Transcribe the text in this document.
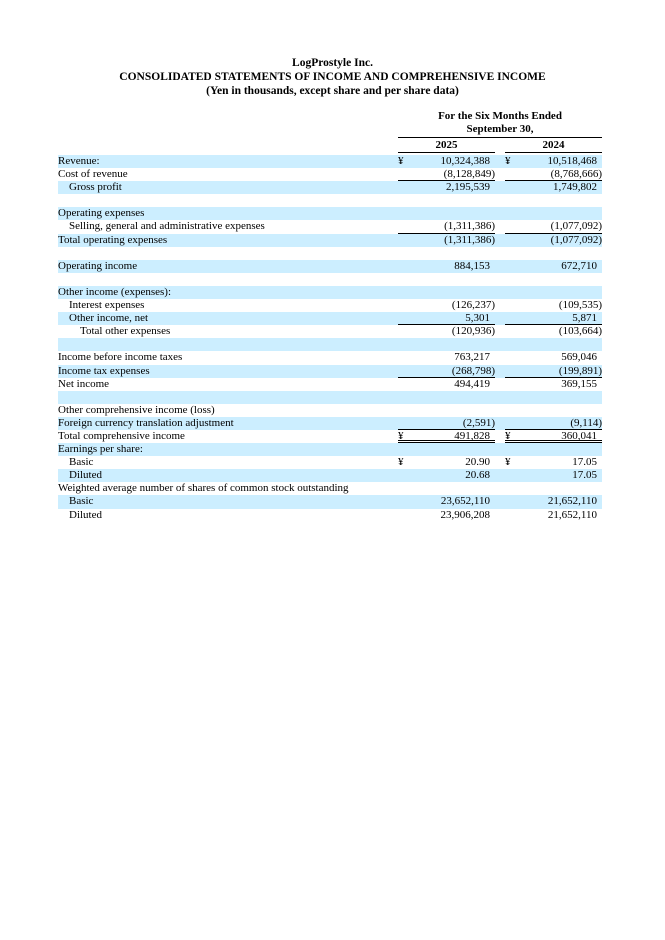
LogProstyle Inc.
CONSOLIDATED STATEMENTS OF INCOME AND COMPREHENSIVE INCOME
(Yen in thousands, except share and per share data)
For the Six Months Ended
September 30,
2025	2024
Revenue:	¥	10,324,388	¥	10,518,468
Cost of revenue	(8,128,849)	(8,768,666)
Gross profit	2,195,539	1,749,802
Operating expenses
Selling, general and administrative expenses	(1,311,386)	(1,077,092)
Total operating expenses	(1,311,386)	(1,077,092)
Operating income	884,153	672,710
Other income (expenses):
Interest expenses	(126,237)	(109,535)
Other income, net	5,301	5,871
Total other expenses	(120,936)	(103,664)
Income before income taxes	763,217	569,046
Income tax expenses	(268,798)	(199,891)
Net income	494,419	369,155
Other comprehensive income (loss)
Foreign currency translation adjustment	(2,591)	(9,114)
Total comprehensive income	¥	491,828	¥	360,041
Earnings per share:
Basic	¥	20.90	¥	17.05
Diluted	20.68	17.05
Weighted average number of shares of common stock outstanding
Basic	23,652,110	21,652,110
Diluted	23,906,208	21,652,110
